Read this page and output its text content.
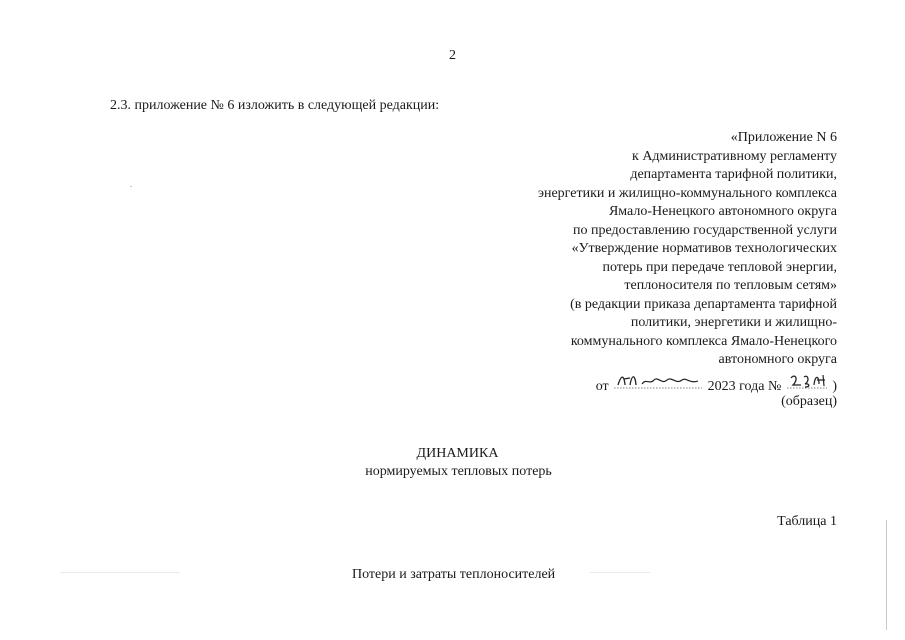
2
2.3. приложение № 6 изложить в следующей редакции:
«Приложение N 6
к Административному регламенту
департамента тарифной политики,
энергетики и жилищно-коммунального комплекса
Ямало-Ненецкого автономного округа
по предоставлению государственной услуги
«Утверждение нормативов технологических
потерь при передаче тепловой энергии,
теплоносителя по тепловым сетям»
(в редакции приказа департамента тарифной
политики, энергетики и жилищно-
коммунального комплекса Ямало-Ненецкого
автономного округа
от	2023 года №	)
(образец)
ДИНАМИКА
нормируемых тепловых потерь
Таблица 1
Потери и затраты теплоносителей
